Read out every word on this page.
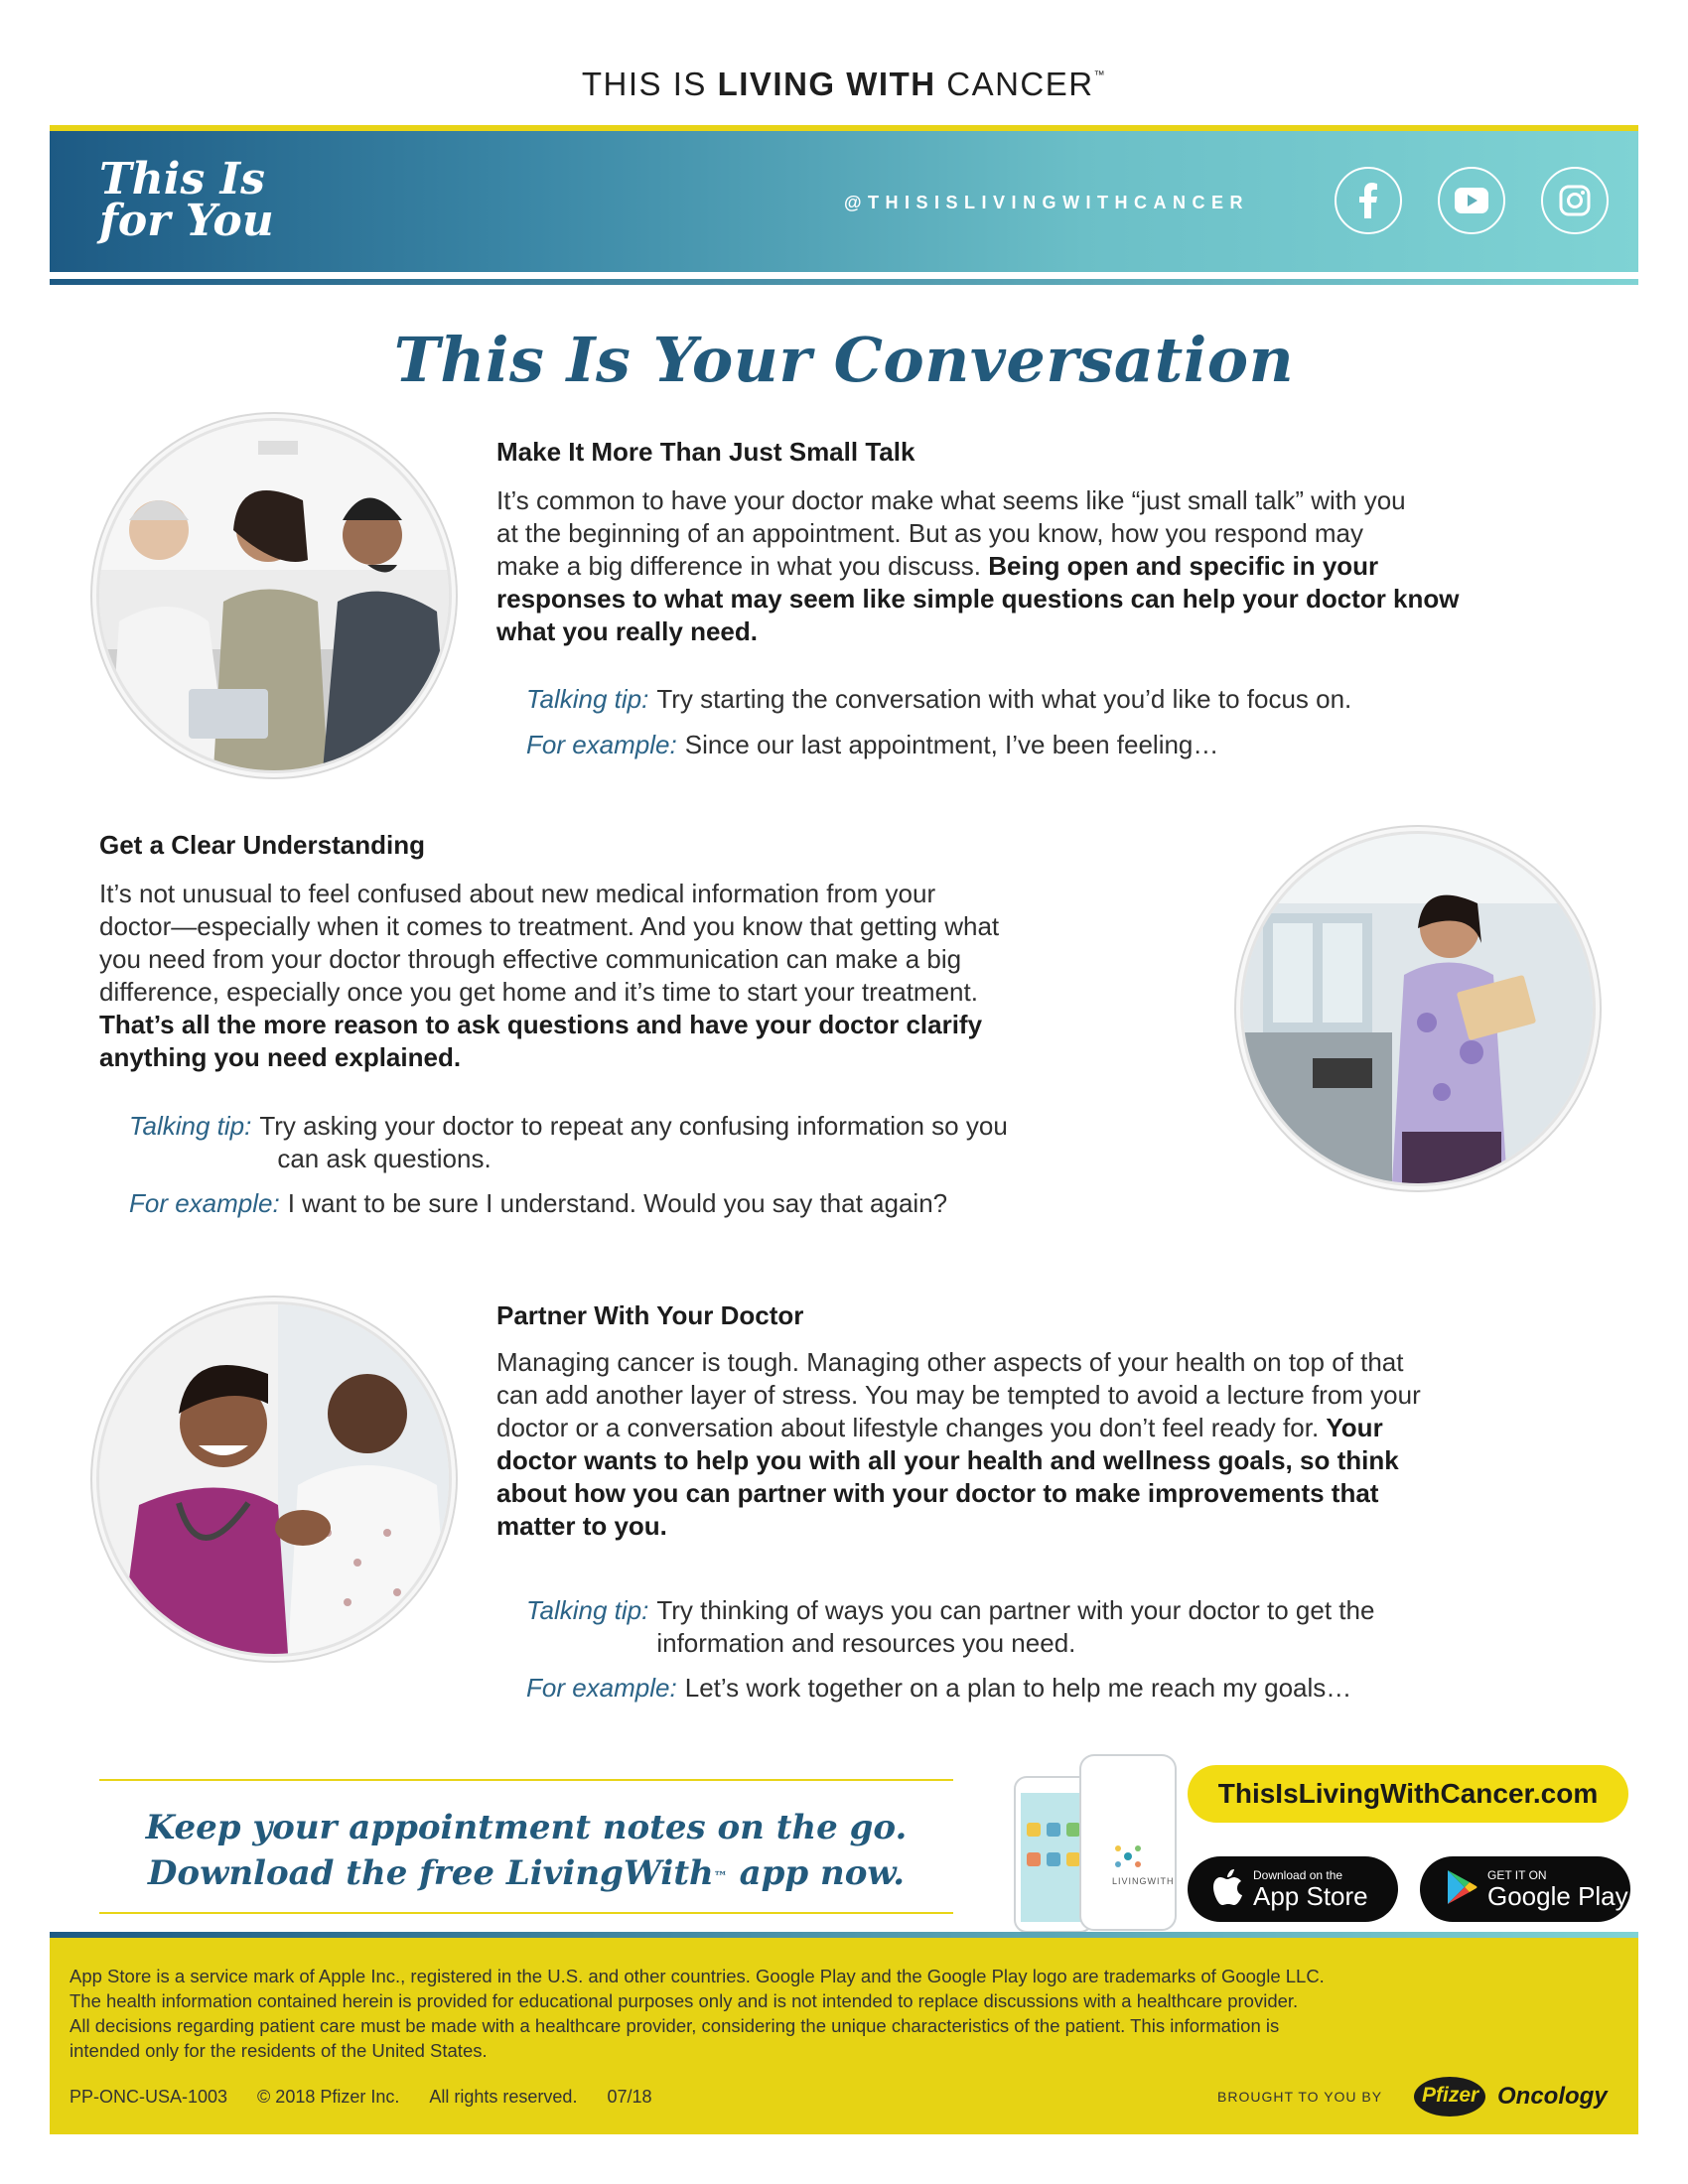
THIS IS LIVING WITH CANCER™
This Is
for You	@THISISLIVINGWITHCANCER
This Is Your Conversation
Make It More Than Just Small Talk
It’s common to have your doctor make what seems like “just small talk” with you
at the beginning of an appointment. But as you know, how you respond may
make a big difference in what you discuss. Being open and specific in your
responses to what may seem like simple questions can help your doctor know
what you really need.
Talking tip: Try starting the conversation with what you’d like to focus on.
For example: Since our last appointment, I’ve been feeling…
Get a Clear Understanding
It’s not unusual to feel confused about new medical information from your
doctor—especially when it comes to treatment. And you know that getting what
you need from your doctor through effective communication can make a big
difference, especially once you get home and it’s time to start your treatment.
That’s all the more reason to ask questions and have your doctor clarify
anything you need explained.
Talking tip: Try asking your doctor to repeat any confusing information so you
can ask questions.
For example: I want to be sure I understand. Would you say that again?
Partner With Your Doctor
Managing cancer is tough. Managing other aspects of your health on top of that
can add another layer of stress. You may be tempted to avoid a lecture from your
doctor or a conversation about lifestyle changes you don’t feel ready for. Your
doctor wants to help you with all your health and wellness goals, so think
about how you can partner with your doctor to make improvements that
matter to you.
Talking tip: Try thinking of ways you can partner with your doctor to get the
information and resources you need.
For example: Let’s work together on a plan to help me reach my goals…
Keep your appointment notes on the go.
Download the free LivingWith™ app now.	LIVINGWITH
ThisIsLivingWithCancer.com
Download on the
App Store
GET IT ON
Google Play
App Store is a service mark of Apple Inc., registered in the U.S. and other countries. Google Play and the Google Play logo are trademarks of Google LLC.
The health information contained herein is provided for educational purposes only and is not intended to replace discussions with a healthcare provider.
All decisions regarding patient care must be made with a healthcare provider, considering the unique characteristics of the patient. This information is
intended only for the residents of the United States.
PP-ONC-USA-1003 © 2018 Pfizer Inc. All rights reserved. 07/18	BROUGHT TO YOU BY Pfizer Oncology
